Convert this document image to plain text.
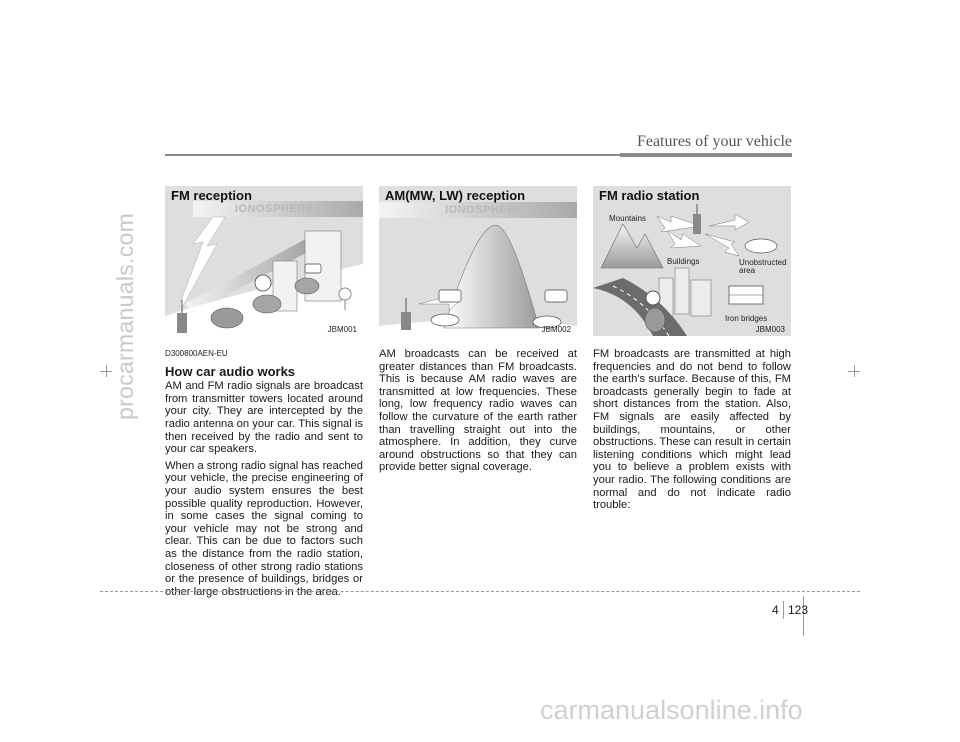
procarmanuals.com
carmanualsonline.info
Features of your vehicle
FM reception
IONOSPHERE
JBM001
AM(MW, LW) reception
IONOSPHERE
JBM002
FM radio station
Mountains
Buildings	Unobstructed
area
Iron bridges
JBM003
D300800AEN-EU
How car audio works

AM and FM radio signals are broadcast from transmitter towers located around your city. They are intercepted by the radio antenna on your car. This signal is then received by the radio and sent to your car speakers.

When a strong radio signal has reached your vehicle, the precise engineering of your audio system ensures the best possible quality reproduction. However, in some cases the signal coming to your vehicle may not be strong and clear. This can be due to factors such as the distance from the radio station, closeness of other strong radio stations or the presence of buildings, bridges or other large obstructions in the area.

AM broadcasts can be received at greater distances than FM broadcasts. This is because AM radio waves are transmitted at low frequencies. These long, low frequency radio waves can follow the curvature of the earth rather than travelling straight out into the atmosphere. In addition, they curve around obstructions so that they can provide better signal coverage.

FM broadcasts are transmitted at high frequencies and do not bend to follow the earth's surface. Because of this, FM broadcasts generally begin to fade at short distances from the station. Also, FM signals are easily affected by buildings, mountains, or other obstructions. These can result in certain listening conditions which might lead you to believe a problem exists with your radio. The following conditions are normal and do not indicate radio trouble:

4 123
